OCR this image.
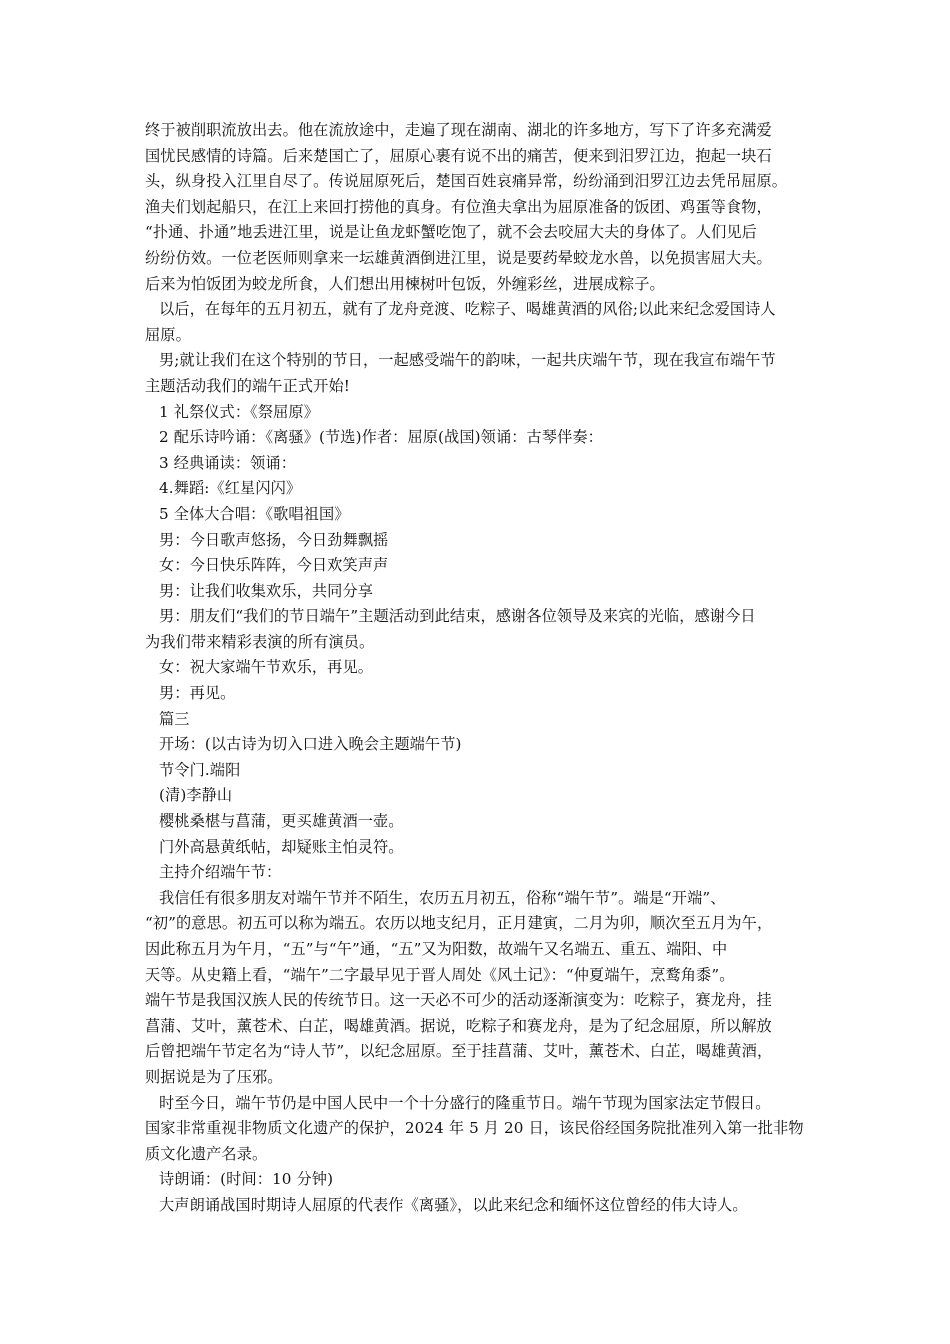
终于被削职流放出去。他在流放途中，走遍了现在湖南、湖北的许多地方，写下了许多充满爱

国忧民感情的诗篇。后来楚国亡了，屈原心裹有说不出的痛苦，便来到汨罗江边，抱起一块石

头，纵身投入江里自尽了。传说屈原死后，楚国百姓哀痛异常，纷纷涌到汨罗江边去凭吊屈原。

渔夫们划起船只，在江上来回打捞他的真身。有位渔夫拿出为屈原准备的饭团、鸡蛋等食物，

“扑通、扑通”地丢进江里，说是让鱼龙虾蟹吃饱了，就不会去咬屈大夫的身体了。人们见后

纷纷仿效。一位老医师则拿来一坛雄黄酒倒进江里，说是要药晕蛟龙水兽，以免损害屈大夫。

后来为怕饭团为蛟龙所食，人们想出用楝树叶包饭，外缠彩丝，进展成粽子。

以后，在每年的五月初五，就有了龙舟竞渡、吃粽子、喝雄黄酒的风俗;以此来纪念爱国诗人

屈原。

男;就让我们在这个特别的节日，一起感受端午的韵味，一起共庆端午节，现在我宣布端午节

主题活动我们的端午正式开始!

1 礼祭仪式：《祭屈原》

2 配乐诗吟诵：《离骚》(节选)作者：屈原(战国)领诵：古琴伴奏：

3 经典诵读：领诵：

4.舞蹈:《红星闪闪》

5 全体大合唱：《歌唱祖国》

男：今日歌声悠扬，今日劲舞飘摇

女：今日快乐阵阵，今日欢笑声声

男：让我们收集欢乐，共同分享

男：朋友们“我们的节日端午”主题活动到此结束，感谢各位领导及来宾的光临，感谢今日

为我们带来精彩表演的所有演员。

女：祝大家端午节欢乐，再见。

男：再见。

篇三

开场：(以古诗为切入口进入晚会主题端午节)

节令门.端阳

(清)李静山

樱桃桑椹与菖蒲，更买雄黄酒一壶。

门外高悬黄纸帖，却疑账主怕灵符。

主持介绍端午节：

我信任有很多朋友对端午节并不陌生，农历五月初五，俗称“端午节”。端是“开端”、

“初”的意思。初五可以称为端五。农历以地支纪月，正月建寅，二月为卯，顺次至五月为午，

因此称五月为午月，“五”与“午”通，“五”又为阳数，故端午又名端五、重五、端阳、中

天等。从史籍上看，“端午”二字最早见于晋人周处《风土记》：“仲夏端午，烹鹜角黍”。

端午节是我国汉族人民的传统节日。这一天必不可少的活动逐渐演变为：吃粽子，赛龙舟，挂

菖蒲、艾叶，薰苍术、白芷，喝雄黄酒。据说，吃粽子和赛龙舟，是为了纪念屈原，所以解放

后曾把端午节定名为“诗人节”，以纪念屈原。至于挂菖蒲、艾叶，薰苍术、白芷，喝雄黄酒，

则据说是为了压邪。

时至今日，端午节仍是中国人民中一个十分盛行的隆重节日。端午节现为国家法定节假日。

国家非常重视非物质文化遗产的保护，2024 年 5 月 20 日，该民俗经国务院批准列入第一批非物

质文化遗产名录。

诗朗诵：(时间：10 分钟)

大声朗诵战国时期诗人屈原的代表作《离骚》，以此来纪念和缅怀这位曾经的伟大诗人。
